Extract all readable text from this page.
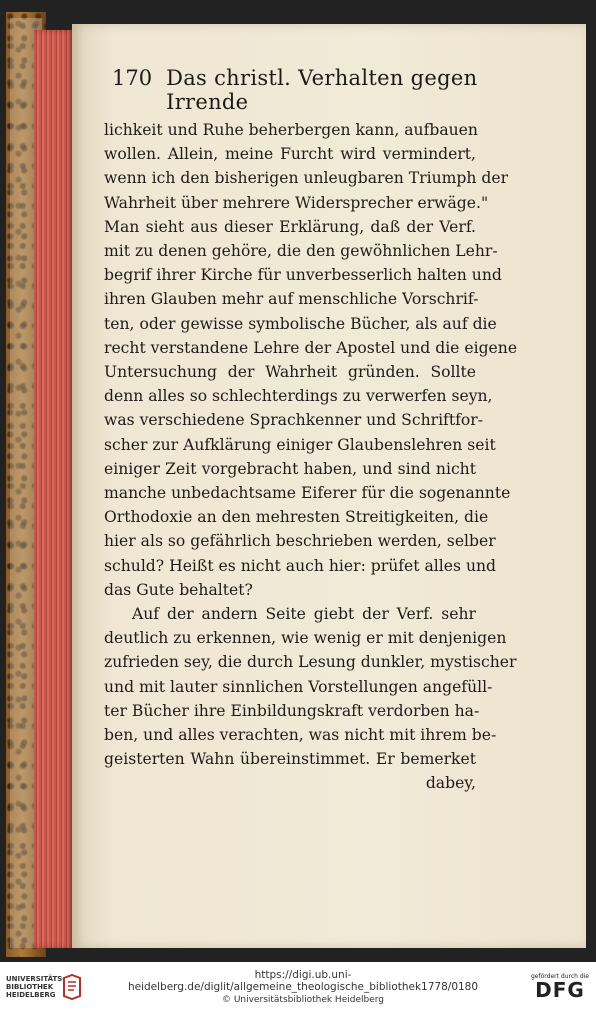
170 Das christl. Verhalten gegen Irrende
lichkeit und Ruhe beherbergen kann, aufbauen
wollen. Allein, meine Furcht wird vermindert,
wenn ich den bisherigen unleugbaren Triumph der
Wahrheit über mehrere Widersprecher erwäge."
Man sieht aus dieser Erklärung, daß der Verf.
mit zu denen gehöre, die den gewöhnlichen Lehr-
begrif ihrer Kirche für unverbesserlich halten und
ihren Glauben mehr auf menschliche Vorschrif-
ten, oder gewisse symbolische Bücher, als auf die
recht verstandene Lehre der Apostel und die eigene
Untersuchung der Wahrheit gründen. Sollte
denn alles so schlechterdings zu verwerfen seyn,
was verschiedene Sprachkenner und Schriftfor-
scher zur Aufklärung einiger Glaubenslehren seit
einiger Zeit vorgebracht haben, und sind nicht
manche unbedachtsame Eiferer für die sogenannte
Orthodoxie an den mehresten Streitigkeiten, die
hier als so gefährlich beschrieben werden, selber
schuld? Heißt es nicht auch hier: prüfet alles und
das Gute behaltet?
Auf der andern Seite giebt der Verf. sehr
deutlich zu erkennen, wie wenig er mit denjenigen
zufrieden sey, die durch Lesung dunkler, mystischer
und mit lauter sinnlichen Vorstellungen angefüll-
ter Bücher ihre Einbildungskraft verdorben ha-
ben, und alles verachten, was nicht mit ihrem be-
geisterten Wahn übereinstimmet. Er bemerket
dabey,
UNIVERSITÄTS-
BIBLIOTHEK
HEIDELBERG
https://digi.ub.uni-heidelberg.de/diglit/allgemeine_theologische_bibliothek1778/0180
© Universitätsbibliothek Heidelberg
gefördert durch die
DFG
